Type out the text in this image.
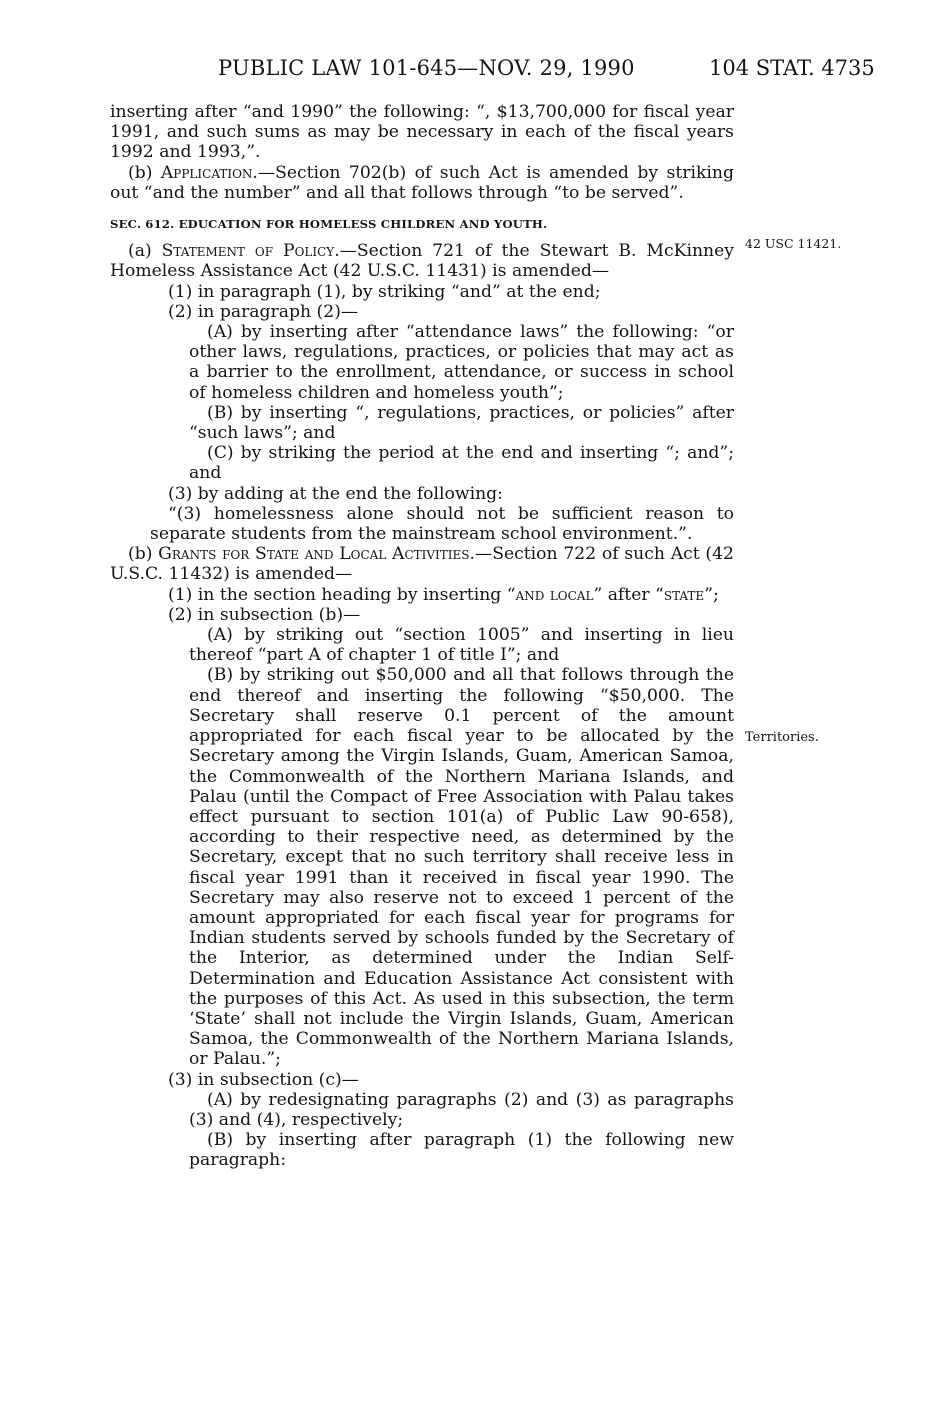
PUBLIC LAW 101-645—NOV. 29, 1990	104 STAT. 4735
42 USC 11421.
Territories.

inserting after “and 1990” the following: “, $13,700,000 for fiscal year 1991, and such sums as may be necessary in each of the fiscal years 1992 and 1993,”.

(b) Application.—Section 702(b) of such Act is amended by striking out “and the number” and all that follows through “to be served”.

SEC. 612. EDUCATION FOR HOMELESS CHILDREN AND YOUTH.

(a) Statement of Policy.—Section 721 of the Stewart B. McKinney Homeless Assistance Act (42 U.S.C. 11431) is amended—

(1) in paragraph (1), by striking “and” at the end;

(2) in paragraph (2)—

(A) by inserting after “attendance laws” the following: “or other laws, regulations, practices, or policies that may act as a barrier to the enrollment, attendance, or success in school of homeless children and homeless youth”;

(B) by inserting “, regulations, practices, or policies” after “such laws”; and

(C) by striking the period at the end and inserting “; and”; and

(3) by adding at the end the following:

“(3) homelessness alone should not be sufficient reason to separate students from the mainstream school environment.”.

(b) Grants for State and Local Activities.—Section 722 of such Act (42 U.S.C. 11432) is amended—

(1) in the section heading by inserting “and local” after “state”;

(2) in subsection (b)—

(A) by striking out “section 1005” and inserting in lieu thereof “part A of chapter 1 of title I”; and

(B) by striking out $50,000 and all that follows through the end thereof and inserting the following “$50,000. The Secretary shall reserve 0.1 percent of the amount appropriated for each fiscal year to be allocated by the Secretary among the Virgin Islands, Guam, American Samoa, the Commonwealth of the Northern Mariana Islands, and Palau (until the Compact of Free Association with Palau takes effect pursuant to section 101(a) of Public Law 90-658), according to their respective need, as determined by the Secretary, except that no such territory shall receive less in fiscal year 1991 than it received in fiscal year 1990. The Secretary may also reserve not to exceed 1 percent of the amount appropriated for each fiscal year for programs for Indian students served by schools funded by the Secretary of the Interior, as determined under the Indian Self-Determination and Education Assistance Act consistent with the purposes of this Act. As used in this subsection, the term ‘State’ shall not include the Virgin Islands, Guam, American Samoa, the Commonwealth of the Northern Mariana Islands, or Palau.”;

(3) in subsection (c)—

(A) by redesignating paragraphs (2) and (3) as paragraphs (3) and (4), respectively;

(B) by inserting after paragraph (1) the following new paragraph:
